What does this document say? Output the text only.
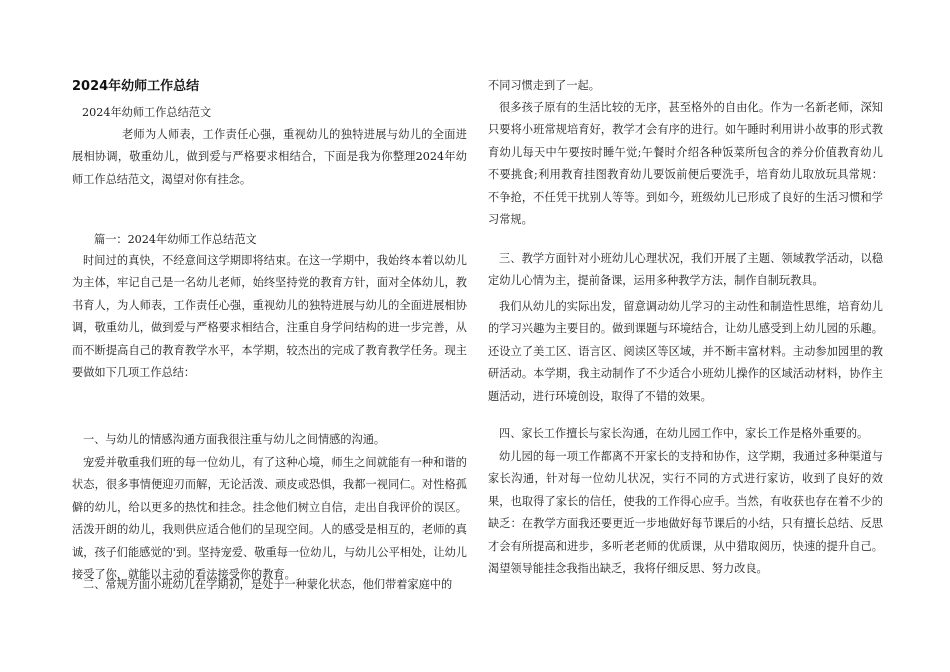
2024年幼师工作总结

2024年幼师工作总结范文

老师为人师表，工作责任心强，重视幼儿的独特进展与幼儿的全面进展相协调，敬重幼儿，做到爱与严格要求相结合，下面是我为你整理2024年幼师工作总结范文，渴望对你有挂念。

篇一：2024年幼师工作总结范文

时间过的真快，不经意间这学期即将结束。在这一学期中，我始终本着以幼儿为主体，牢记自己是一名幼儿老师，始终坚持党的教育方针，面对全体幼儿，教书育人，为人师表，工作责任心强，重视幼儿的独特进展与幼儿的全面进展相协调，敬重幼儿，做到爱与严格要求相结合，注重自身学问结构的进一步完善，从而不断提高自己的教育教学水平，本学期，较杰出的完成了教育教学任务。现主要做如下几项工作总结：

一、与幼儿的情感沟通方面我很注重与幼儿之间情感的沟通。

宠爱并敬重我们班的每一位幼儿，有了这种心境，师生之间就能有一种和谐的状态，很多事情便迎刃而解，无论活泼、顽皮或恐惧，我都一视同仁。对性格孤僻的幼儿，给以更多的热忱和挂念。挂念他们树立自信，走出自我评价的误区。活泼开朗的幼儿，我则供应适合他们的呈现空间。人的感受是相互的，老师的真诚，孩子们能感觉的'到。坚持宠爱、敬重每一位幼儿，与幼儿公平相处，让幼儿接受了你，就能以主动的看法接受你的教育。

二、常规方面小班幼儿在学期初，是处于一种蒙化状态，他们带着家庭中的

不同习惯走到了一起。

很多孩子原有的生活比较的无序，甚至格外的自由化。作为一名新老师，深知只要将小班常规培育好，教学才会有序的进行。如午睡时利用讲小故事的形式教育幼儿每天中午要按时睡午觉;午餐时介绍各种饭菜所包含的养分价值教育幼儿不要挑食;利用教育挂图教育幼儿要饭前便后要洗手，培育幼儿取放玩具常规：不争抢，不任凭干扰别人等等。到如今，班级幼儿已形成了良好的生活习惯和学习常规。

三、教学方面针对小班幼儿心理状况，我们开展了主题、领域教学活动，以稳定幼儿心情为主，提前备课，运用多种教学方法，制作自制玩教具。

我们从幼儿的实际出发，留意调动幼儿学习的主动性和制造性思维，培育幼儿的学习兴趣为主要目的。做到课题与环境结合，让幼儿感受到上幼儿园的乐趣。还设立了美工区、语言区、阅读区等区域，并不断丰富材料。主动参加园里的教研活动。本学期，我主动制作了不少适合小班幼儿操作的区域活动材料，协作主题活动，进行环境创设，取得了不错的效果。

四、家长工作擅长与家长沟通，在幼儿园工作中，家长工作是格外重要的。

幼儿园的每一项工作都离不开家长的支持和协作，这学期，我通过多种渠道与家长沟通，针对每一位幼儿状况，实行不同的方式进行家访，收到了良好的效果，也取得了家长的信任，使我的工作得心应手。当然，有收获也存在着不少的缺乏：在教学方面我还要更近一步地做好每节课后的小结，只有擅长总结、反思才会有所提高和进步，多听老老师的优质课，从中猎取阅历，快速的提升自己。渴望领导能挂念我指出缺乏，我将仔细反思、努力改良。
